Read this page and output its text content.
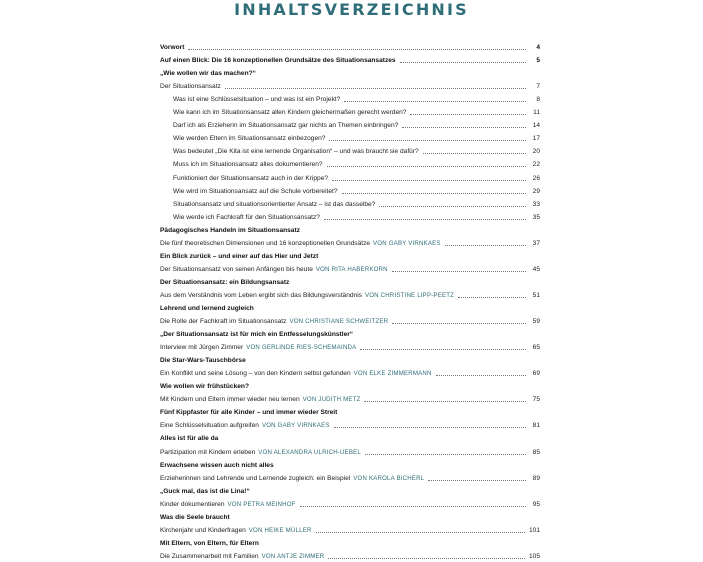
INHALTSVERZEICHNIS
Vorwort	4
Auf einen Blick: Die 16 konzeptionellen Grundsätze des Situationsansatzes	5
„Wie wollen wir das machen?“
Der Situationsansatz	7
Was ist eine Schlüsselsituation – und was ist ein Projekt?	8
Wie kann ich im Situationsansatz allen Kindern gleichermaßen gerecht werden?	11
Darf ich als Erzieherin im Situationsansatz gar nichts an Themen einbringen?	14
Wie werden Eltern im Situationsansatz einbezogen?	17
Was bedeutet „Die Kita ist eine lernende Organisation“ – und was braucht sie dafür?	20
Muss ich im Situationsansatz alles dokumentieren?	22
Funktioniert der Situationsansatz auch in der Krippe?	26
Wie wird im Situationsansatz auf die Schule vorbereitet?	29
Situationsansatz und situationsorientierter Ansatz – ist das dasselbe?	33
Wie werde ich Fachkraft für den Situationsansatz?	35
Pädagogisches Handeln im Situationsansatz
Die fünf theoretischen Dimensionen und 16 konzeptionellen Grundsätze VON GABY VIRNKAES	37
Ein Blick zurück – und einer auf das Hier und Jetzt
Der Situationsansatz von seinen Anfängen bis heute VON RITA HABERKORN	45
Der Situationsansatz: ein Bildungsansatz
Aus dem Verständnis vom Leben ergibt sich das Bildungsverständnis VON CHRISTINE LIPP-PEETZ	51
Lehrend und lernend zugleich
Die Rolle der Fachkraft im Situationsansatz VON CHRISTIANE SCHWEITZER	59
„Der Situationsansatz ist für mich ein Entfesselungskünstler“
Interview mit Jürgen Zimmer VON GERLINDE RIES-SCHEMAINDA	65
Die Star-Wars-Tauschbörse
Ein Konflikt und seine Lösung – von den Kindern selbst gefunden VON ELKE ZIMMERMANN	69
Wie wollen wir frühstücken?
Mit Kindern und Eltern immer wieder neu lernen VON JUDITH METZ	75
Fünf Kippfaster für alle Kinder – und immer wieder Streit
Eine Schlüsselsituation aufgreifen VON GABY VIRNKAES	81
Alles ist für alle da
Partizipation mit Kindern erleben VON ALEXANDRA ULRICH-UEBEL	85
Erwachsene wissen auch nicht alles
Erzieherinnen sind Lehrende und Lernende zugleich: ein Beispiel VON KAROLA BICHERL	89
„Guck mal, das ist die Lina!“
Kinder dokumentieren VON PETRA MEINHOF	95
Was die Seele braucht
Kirchenjahr und Kinderfragen VON HEIKE MÜLLER	101
Mit Eltern, von Eltern, für Eltern
Die Zusammenarbeit mit Familien VON ANTJE ZIMMER	105
